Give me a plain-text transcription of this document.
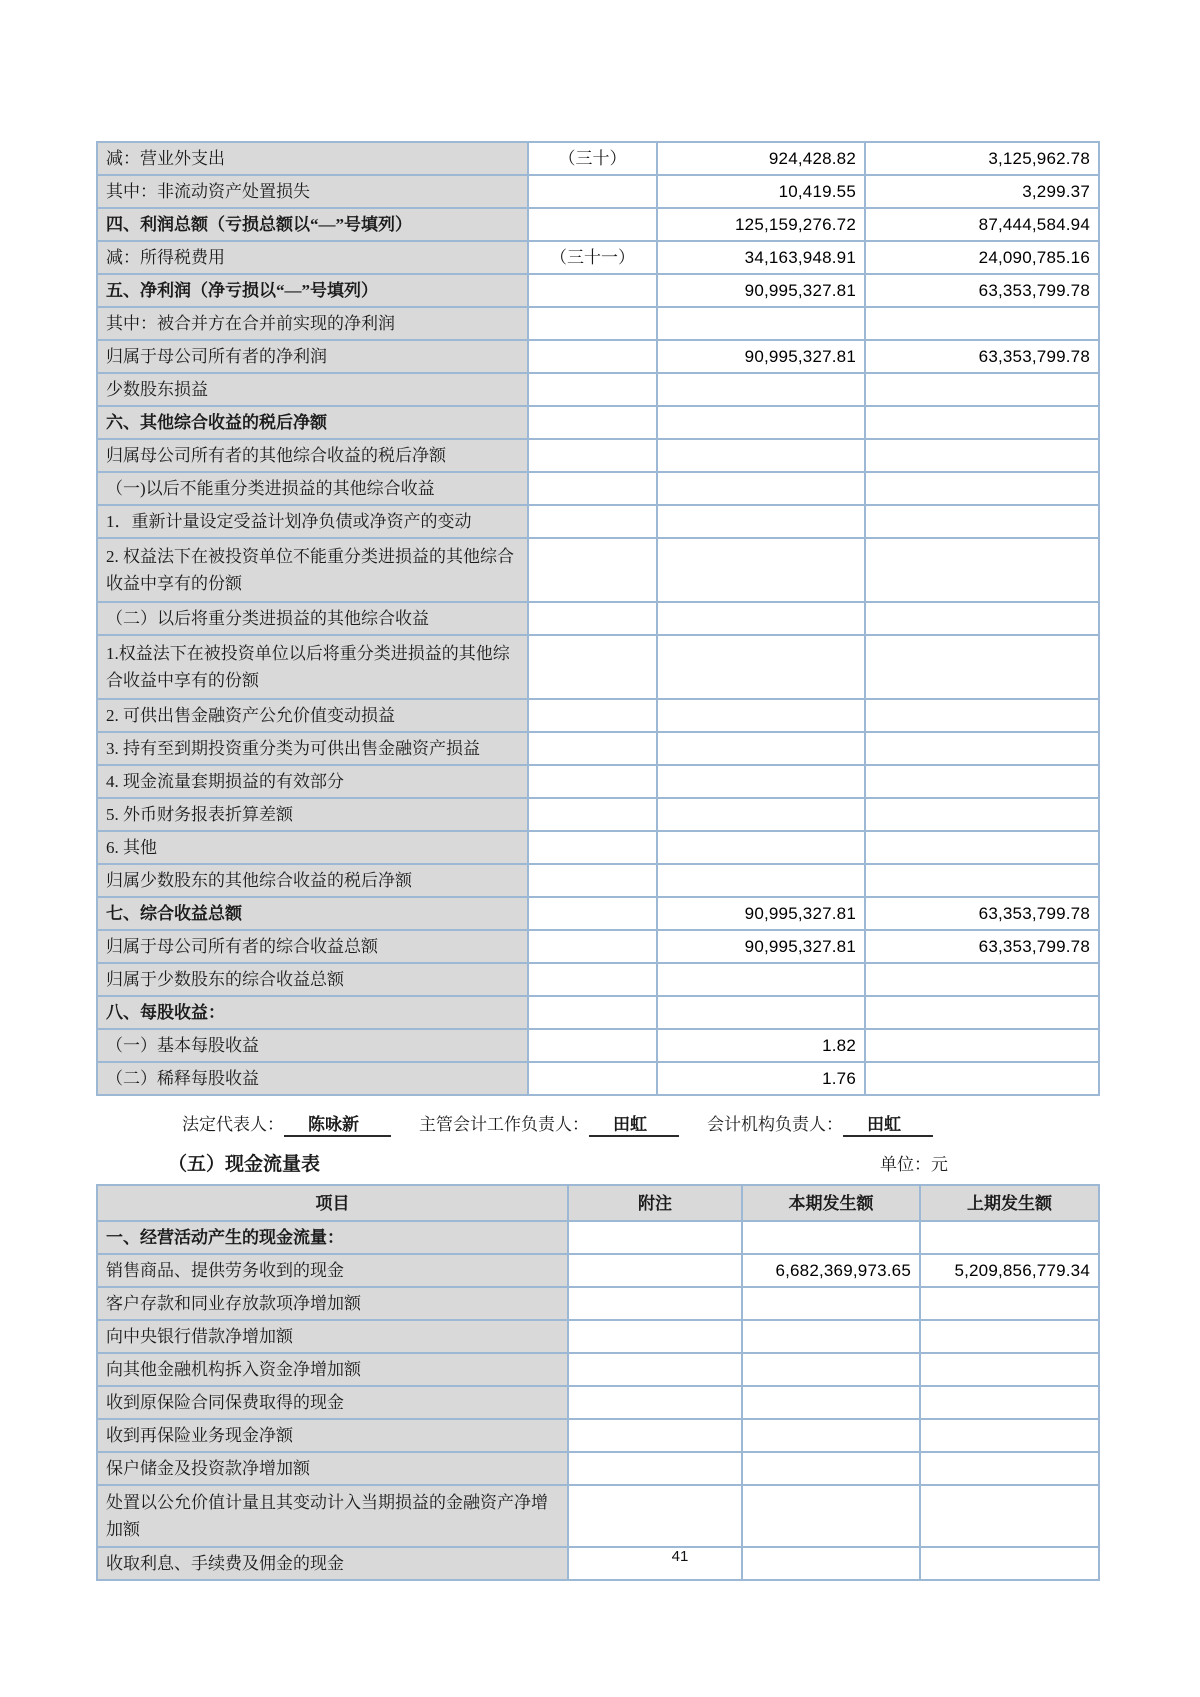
减：营业外支出	（三十）	924,428.82	3,125,962.78
其中：非流动资产处置损失		10,419.55	3,299.37
四、利润总额（亏损总额以“—”号填列）		125,159,276.72	87,444,584.94
减：所得税费用	（三十一）	34,163,948.91	24,090,785.16
五、净利润（净亏损以“—”号填列）		90,995,327.81	63,353,799.78
其中：被合并方在合并前实现的净利润			
归属于母公司所有者的净利润		90,995,327.81	63,353,799.78
少数股东损益			
六、其他综合收益的税后净额			
归属母公司所有者的其他综合收益的税后净额			
（一)以后不能重分类进损益的其他综合收益			
1．重新计量设定受益计划净负债或净资产的变动			
2. 权益法下在被投资单位不能重分类进损益的其他综合收益中享有的份额			
（二）以后将重分类进损益的其他综合收益			
1.权益法下在被投资单位以后将重分类进损益的其他综合收益中享有的份额			
2. 可供出售金融资产公允价值变动损益			
3. 持有至到期投资重分类为可供出售金融资产损益			
4. 现金流量套期损益的有效部分			
5. 外币财务报表折算差额			
6. 其他			
归属少数股东的其他综合收益的税后净额			
七、综合收益总额		90,995,327.81	63,353,799.78
归属于母公司所有者的综合收益总额		90,995,327.81	63,353,799.78
归属于少数股东的综合收益总额			
八、每股收益：			
（一）基本每股收益		1.82	
（二）稀释每股收益		1.76	
法定代表人： 陈咏新	主管会计工作负责人： 田虹	会计机构负责人： 田虹
（五）现金流量表	单位：元
项目	附注	本期发生额	上期发生额
一、经营活动产生的现金流量：			
销售商品、提供劳务收到的现金		6,682,369,973.65	5,209,856,779.34
客户存款和同业存放款项净增加额			
向中央银行借款净增加额			
向其他金融机构拆入资金净增加额			
收到原保险合同保费取得的现金			
收到再保险业务现金净额			
保户储金及投资款净增加额			
处置以公允价值计量且其变动计入当期损益的金融资产净增加额			
收取利息、手续费及佣金的现金				41
